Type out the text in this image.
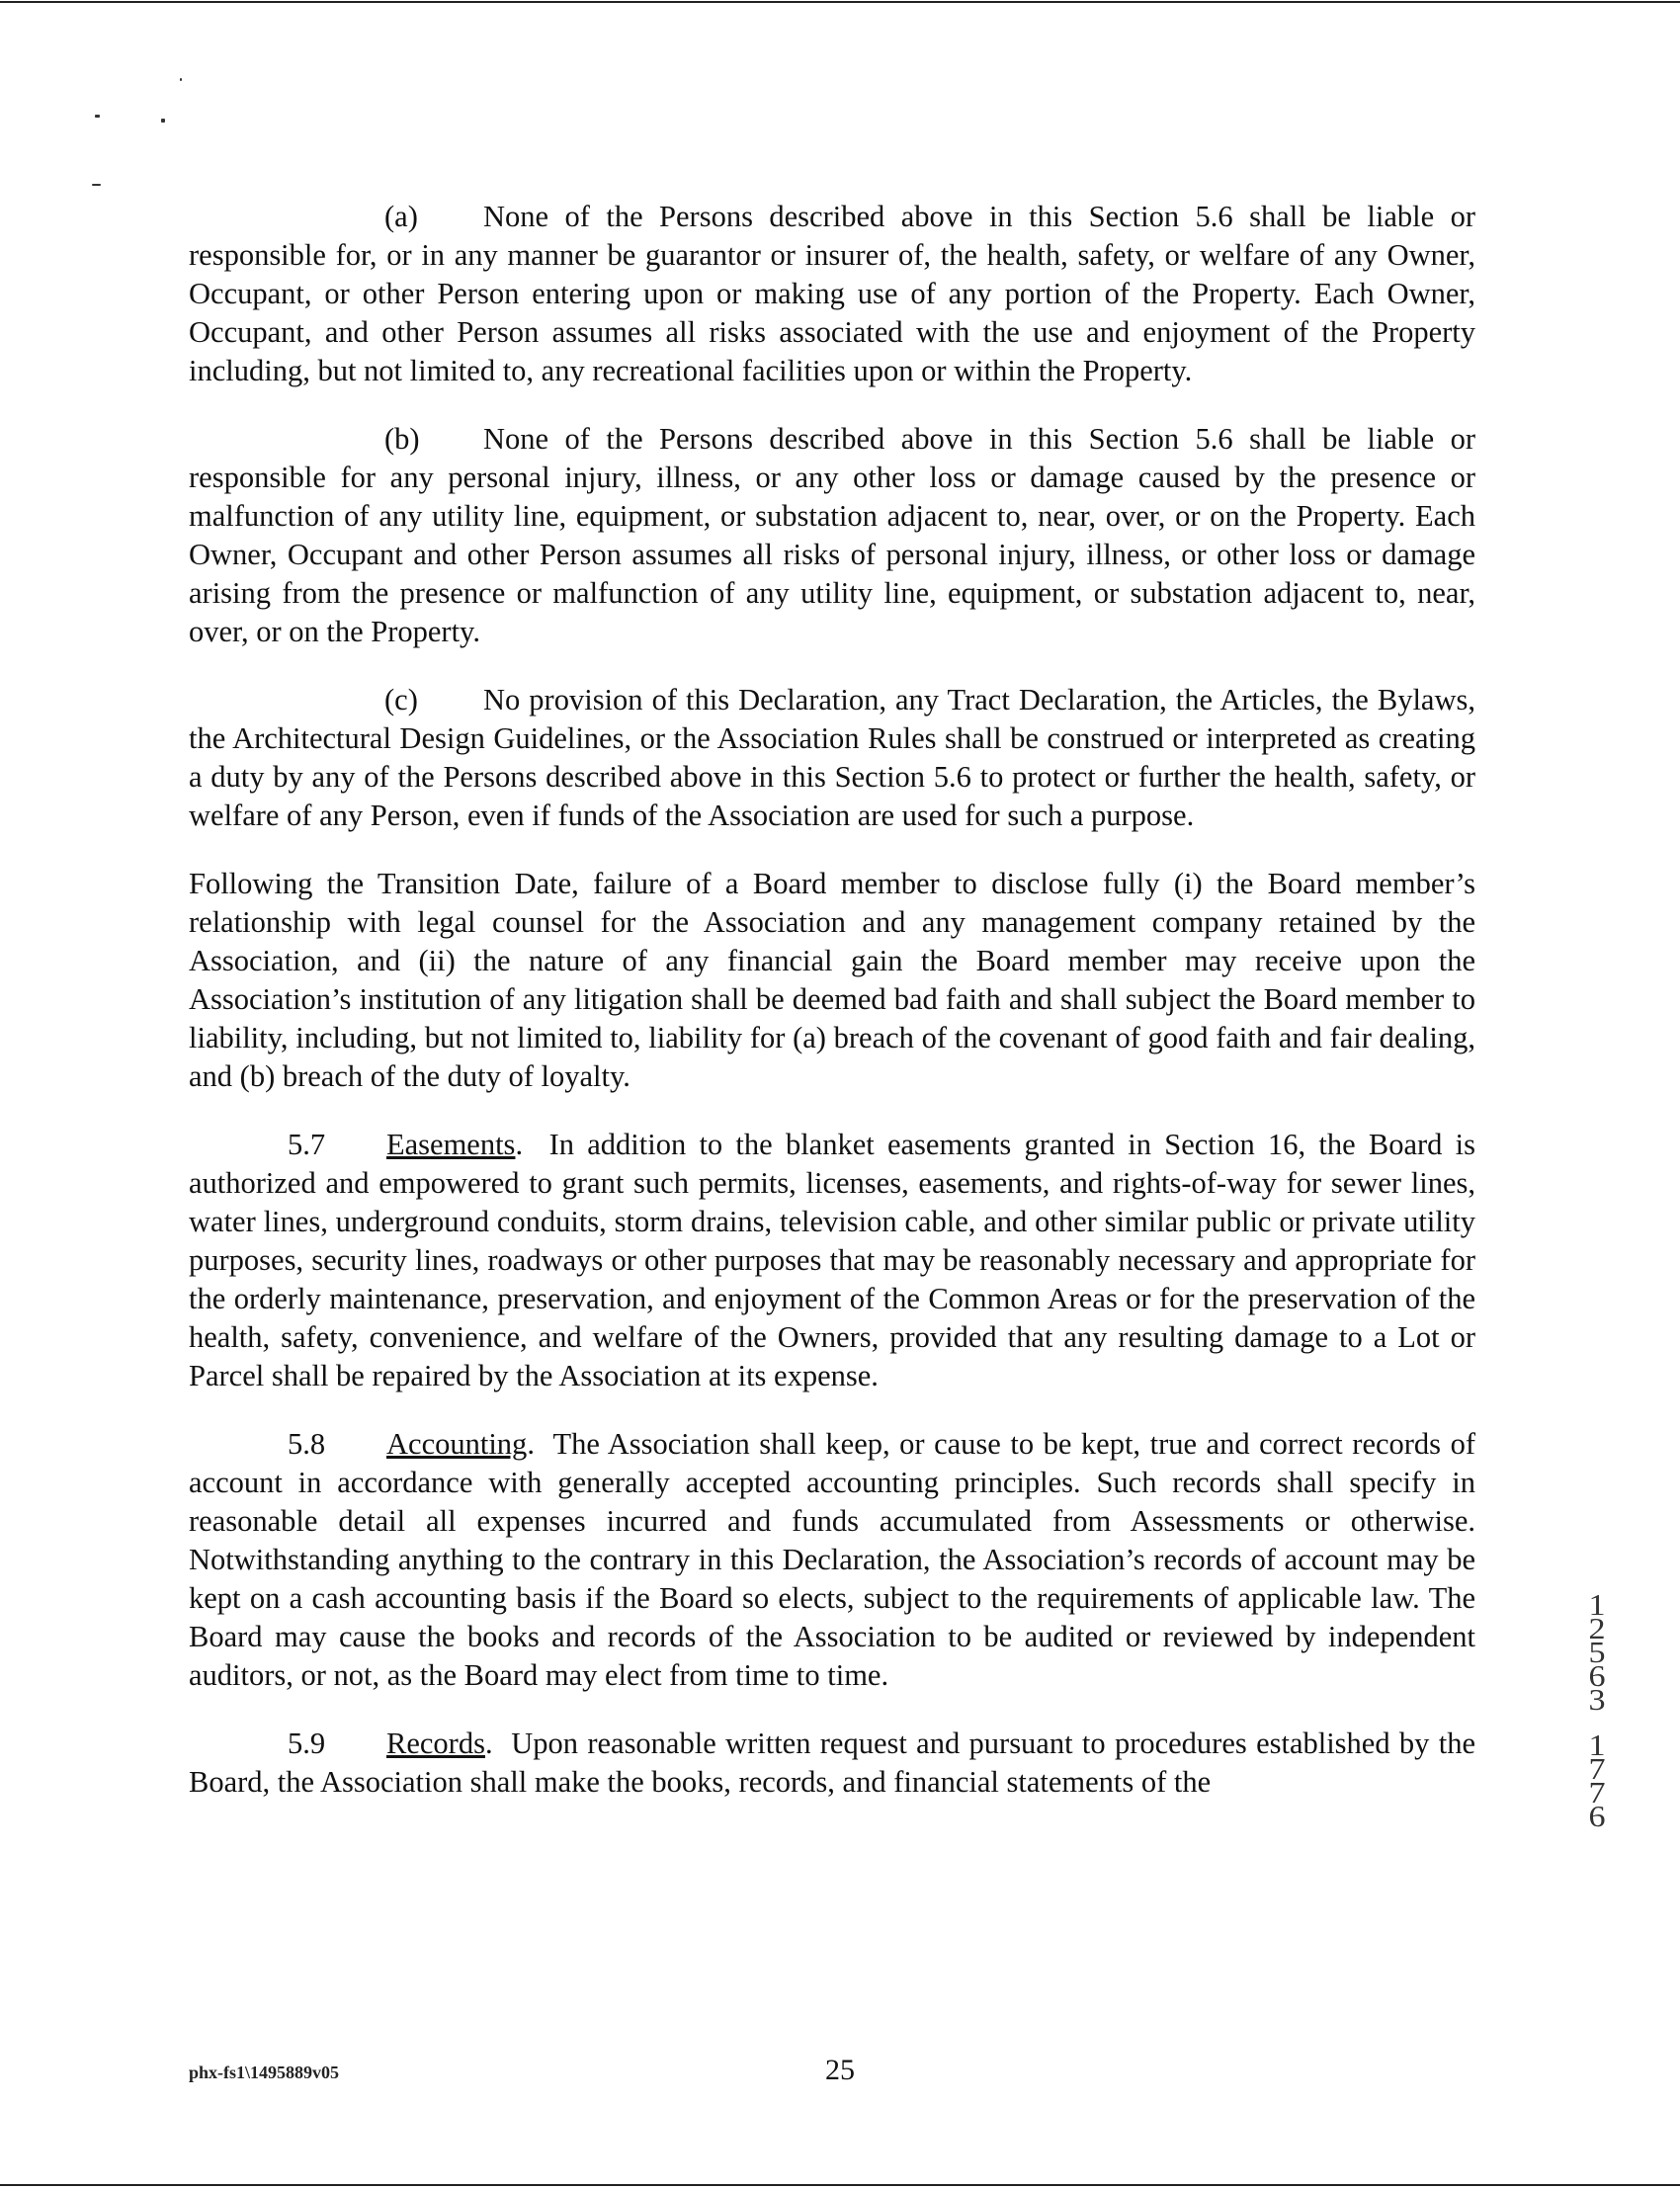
(a) None of the Persons described above in this Section 5.6 shall be liable or responsible for, or in any manner be guarantor or insurer of, the health, safety, or welfare of any Owner, Occupant, or other Person entering upon or making use of any portion of the Property. Each Owner, Occupant, and other Person assumes all risks associated with the use and enjoyment of the Property including, but not limited to, any recreational facilities upon or within the Property.

(b) None of the Persons described above in this Section 5.6 shall be liable or responsible for any personal injury, illness, or any other loss or damage caused by the presence or malfunction of any utility line, equipment, or substation adjacent to, near, over, or on the Property. Each Owner, Occupant and other Person assumes all risks of personal injury, illness, or other loss or damage arising from the presence or malfunction of any utility line, equipment, or substation adjacent to, near, over, or on the Property.

(c) No provision of this Declaration, any Tract Declaration, the Articles, the Bylaws, the Architectural Design Guidelines, or the Association Rules shall be construed or interpreted as creating a duty by any of the Persons described above in this Section 5.6 to protect or further the health, safety, or welfare of any Person, even if funds of the Association are used for such a purpose.

Following the Transition Date, failure of a Board member to disclose fully (i) the Board member’s relationship with legal counsel for the Association and any management company retained by the Association, and (ii) the nature of any financial gain the Board member may receive upon the Association’s institution of any litigation shall be deemed bad faith and shall subject the Board member to liability, including, but not limited to, liability for (a) breach of the covenant of good faith and fair dealing, and (b) breach of the duty of loyalty.

5.7 Easements.  In addition to the blanket easements granted in Section 16, the Board is authorized and empowered to grant such permits, licenses, easements, and rights-of-way for sewer lines, water lines, underground conduits, storm drains, television cable, and other similar public or private utility purposes, security lines, roadways or other purposes that may be reasonably necessary and appropriate for the orderly maintenance, preservation, and enjoyment of the Common Areas or for the preservation of the health, safety, convenience, and welfare of the Owners, provided that any resulting damage to a Lot or Parcel shall be repaired by the Association at its expense.

5.8 Accounting.  The Association shall keep, or cause to be kept, true and correct records of account in accordance with generally accepted accounting principles. Such records shall specify in reasonable detail all expenses incurred and funds accumulated from Assessments or otherwise. Notwithstanding anything to the contrary in this Declaration, the Association’s records of account may be kept on a cash accounting basis if the Board so elects, subject to the requirements of applicable law. The Board may cause the books and records of the Association to be audited or reviewed by independent auditors, or not, as the Board may elect from time to time.

5.9 Records.  Upon reasonable written request and pursuant to procedures established by the Board, the Association shall make the books, records, and financial statements of the

12563
1776
phx-fs1\1495889v05	25
